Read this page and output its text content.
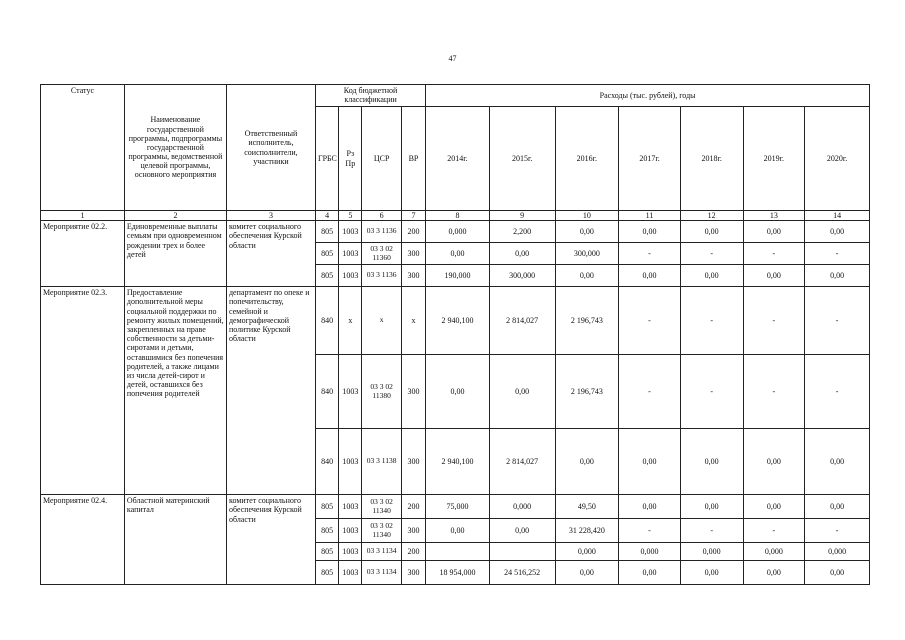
47
Статус	Наименование государственной программы, подпрограммы государственной программы, ведомственной целевой программы, основного мероприятия	Ответственный исполнитель, соисполнители, участники	Код бюджетной классификации				Расходы (тыс. рублей), годы						
			ГРБС	Рз Пр	ЦСР	ВР	2014г.	2015г.	2016г.	2017г.	2018г.	2019г.	2020г.
1	2	3	4	5	6	7	8	9	10	11	12	13	14
Мероприятие 02.2.	Единовременные выплаты семьям при одновременном рождении трех и более детей	комитет социального обеспечения Курской области	805	1003	03 3 1136	200	0,000	2,200	0,00	0,00	0,00	0,00	0,00
			805	1003	03 3 02 11360	300	0,00	0,00	300,000	-	-	-	-
			805	1003	03 3 1136	300	190,000	300,000	0,00	0,00	0,00	0,00	0,00
Мероприятие 02.3.	Предоставление дополнительной меры социальной поддержки по ремонту жилых помещений, закрепленных на праве собственности за детьми-сиротами и детьми, оставшимися без попечения родителей, а также лицами из числа детей-сирот и детей, оставшихся без попечения родителей	департамент по опеке и попечительству, семейной и демографической политике Курской области	840	х	х	х	2 940,100	2 814,027	2 196,743	-	-	-	-
			840	1003	03 3 02 11380	300	0,00	0,00	2 196,743	-	-	-	-
			840	1003	03 3 1138	300	2 940,100	2 814,027	0,00	0,00	0,00	0,00	0,00
Мероприятие 02.4.	Областной материнский капитал	комитет социального обеспечения Курской области	805	1003	03 3 02 11340	200	75,000	0,000	49,50	0,00	0,00	0,00	0,00
			805	1003	03 3 02 11340	300	0,00	0,00	31 228,420	-	-	-	-
			805	1003	03 3 1134	200			0,000	0,000	0,000	0,000	0,000
			805	1003	03 3 1134	300	18 954,000	24 516,252	0,00	0,00	0,00	0,00	0,00
